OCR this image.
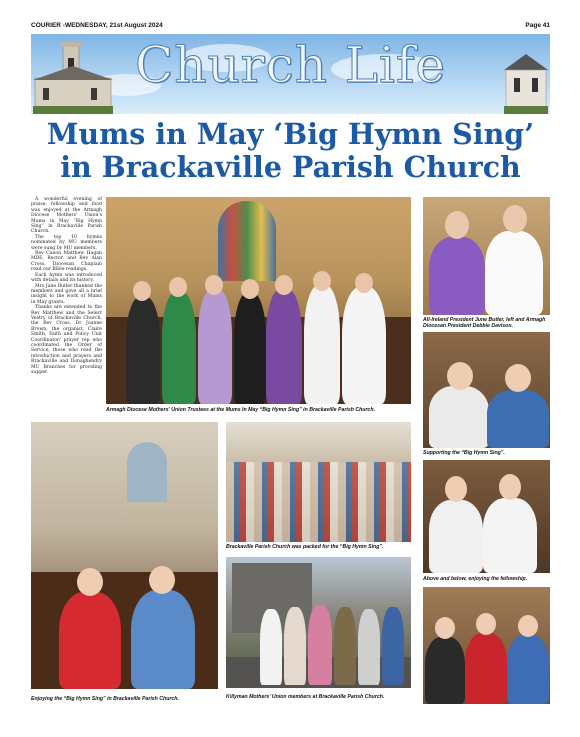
COURIER -WEDNESDAY, 21st August 2024	Page 41
Church Life
Mums in May ‘Big Hymn Sing’
in Brackaville Parish Church

A wonderful evening of praise, fellowship and food was enjoyed at the Armagh Diocese Mothers' Union's Mums in May “Big Hymn Sing” in Brackaville Parish Church.

The top 10 hymns nominated by MU members were sung by MU members.

Rev Canon Matthew Hagan MBE, Rector, and Rev Alan Cross, Diocesan Chaplain read our Bible readings.

Each hymn was introduced with details and its history.

Mrs Jane Butler thanked the members and gave all a brief insight to the work of Mums in May grants.

Thanks are extended to the Rev Matthew and the Select Vestry of Brackaville Church, the Rev Cross, Dr Joanne Brown, the organist, Claire Smith, Faith and Policy Unit Coordinator/ prayer rep who coordinated the Order of Service, those who read the introduction and prayers and Brackaville and Donaghendry MU Branches for providing supper.

Armagh Diocese Mothers' Union Trustees at the Mums In May “Big Hymn Sing” in Brackaville Parish Church.
All-Ireland President June Butler, left and Armagh Diocesan President Debbie Davison.
Supporting the “Big Hymn Sing”.
Above and below, enjoying the fellowship.
Enjoying the “Big Hymn Sing” in Brackaville Parish Church.
Brackaville Parish Church was packed for the “Big Hymn Sing”.
Killyman Mothers' Union members at Brackaville Parish Church.
